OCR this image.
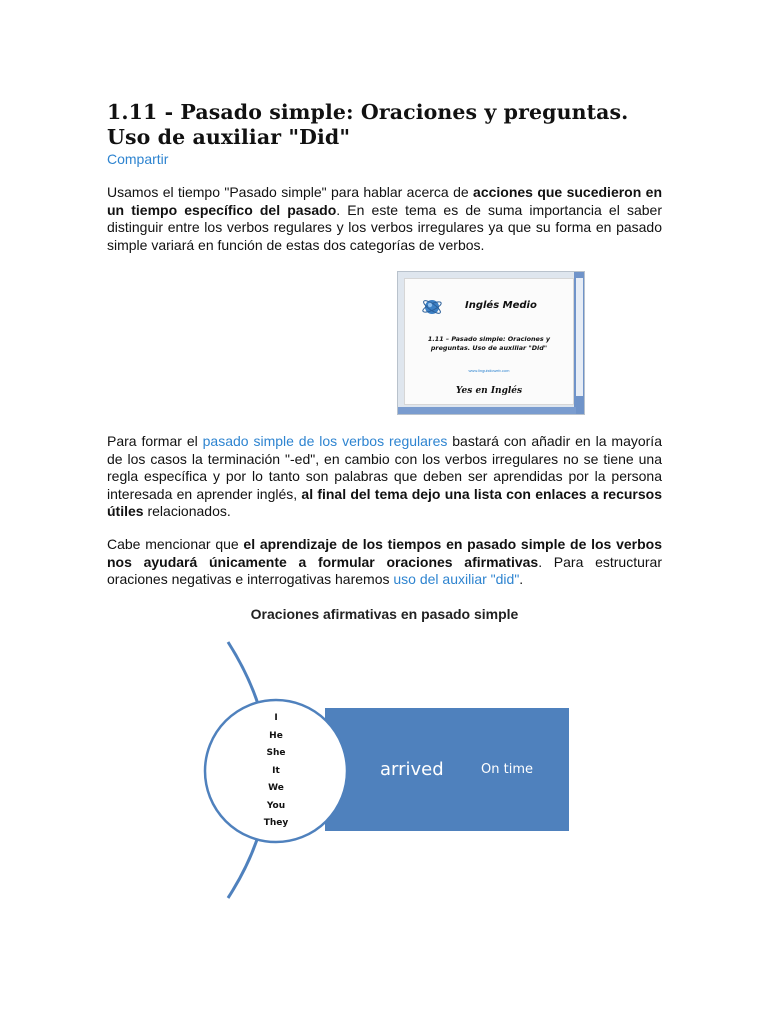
1.11 - Pasado simple: Oraciones y preguntas. Uso de auxiliar "Did"
Compartir

Usamos el tiempo "Pasado simple" para hablar acerca de acciones que sucedieron en un tiempo específico del pasado. En este tema es de suma importancia el saber distinguir entre los verbos regulares y los verbos irregulares ya que su forma en pasado simple variará en función de estas dos categorías de verbos.

Inglés Medio
1.11 – Pasado simple: Oraciones y preguntas. Uso de auxiliar "Did"
www.linguisticweb.com
Yes en Inglés

Para formar el pasado simple de los verbos regulares bastará con añadir en la mayoría de los casos la terminación "-ed", en cambio con los verbos irregulares no se tiene una regla específica y por lo tanto son palabras que deben ser aprendidas por la persona interesada en aprender inglés, al final del tema dejo una lista con enlaces a recursos útiles relacionados.

Cabe mencionar que el aprendizaje de los tiempos en pasado simple de los verbos nos ayudará únicamente a formular oraciones afirmativas. Para estructurar oraciones negativas e interrogativas haremos uso del auxiliar "did".

Oraciones afirmativas en pasado simple
I
He
She
It
We
You
They
arrived	On time
